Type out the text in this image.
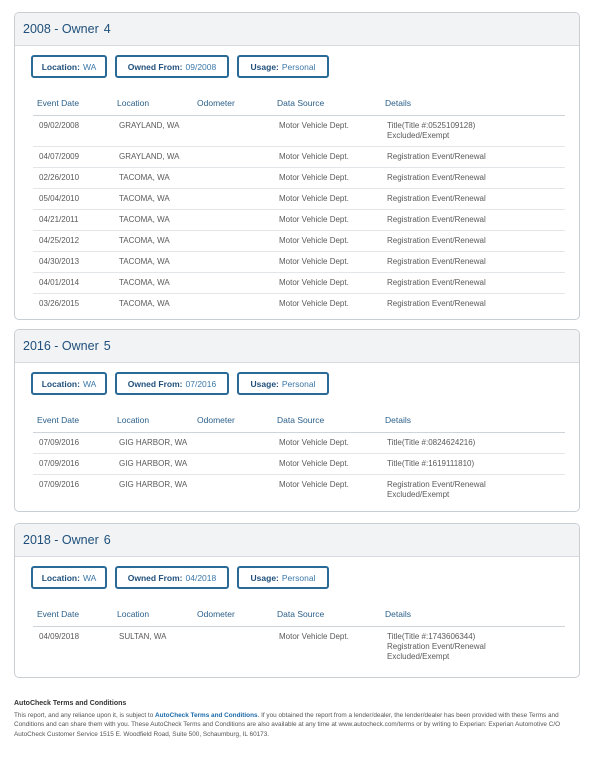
2008 - Owner 4
Location: WA	Owned From: 09/2008	Usage: Personal
Event Date	Location	Odometer	Data Source	Details
09/02/2008	GRAYLAND, WA		Motor Vehicle Dept.	Title(Title #:0525109128)
Excluded/Exempt

04/07/2009	GRAYLAND, WA		Motor Vehicle Dept.	Registration Event/Renewal

02/26/2010	TACOMA, WA		Motor Vehicle Dept.	Registration Event/Renewal

05/04/2010	TACOMA, WA		Motor Vehicle Dept.	Registration Event/Renewal

04/21/2011	TACOMA, WA		Motor Vehicle Dept.	Registration Event/Renewal

04/25/2012	TACOMA, WA		Motor Vehicle Dept.	Registration Event/Renewal

04/30/2013	TACOMA, WA		Motor Vehicle Dept.	Registration Event/Renewal

04/01/2014	TACOMA, WA		Motor Vehicle Dept.	Registration Event/Renewal

03/26/2015	TACOMA, WA		Motor Vehicle Dept.	Registration Event/Renewal
2016 - Owner 5
Location: WA	Owned From: 07/2016	Usage: Personal
Event Date	Location	Odometer	Data Source	Details
07/09/2016	GIG HARBOR, WA		Motor Vehicle Dept.	Title(Title #:0824624216)

07/09/2016	GIG HARBOR, WA		Motor Vehicle Dept.	Title(Title #:1619111810)

07/09/2016	GIG HARBOR, WA		Motor Vehicle Dept.	Registration Event/Renewal
Excluded/Exempt
2018 - Owner 6
Location: WA	Owned From: 04/2018	Usage: Personal
Event Date	Location	Odometer	Data Source	Details
04/09/2018	SULTAN, WA		Motor Vehicle Dept.	Title(Title #:1743606344)
Registration Event/Renewal
Excluded/Exempt
AutoCheck Terms and Conditions
This report, and any reliance upon it, is subject to AutoCheck Terms and Conditions. If you obtained the report from a lender/dealer, the lender/dealer has been provided with these Terms and Conditions and can share them with you. These AutoCheck Terms and Conditions are also available at any time at www.autocheck.com/terms or by writing to Experian: Experian Automotive C/O AutoCheck Customer Service 1515 E. Woodfield Road, Suite 500, Schaumburg, IL 60173.
